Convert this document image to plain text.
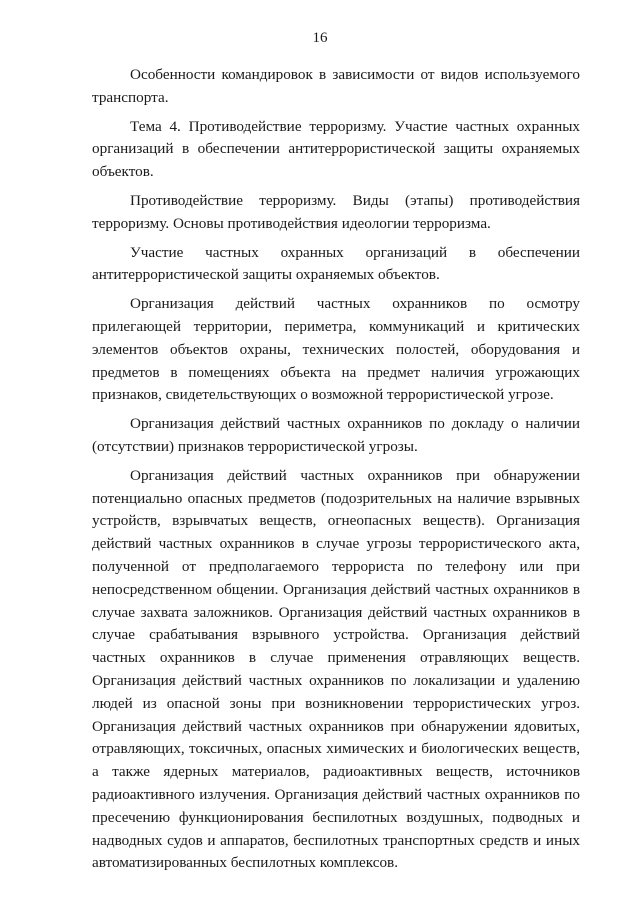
16

Особенности командировок в зависимости от видов используемого транспорта.

Тема 4. Противодействие терроризму. Участие частных охранных организаций в обеспечении антитеррористической защиты охраняемых объектов.

Противодействие терроризму. Виды (этапы) противодействия терроризму. Основы противодействия идеологии терроризма.

Участие частных охранных организаций в обеспечении антитеррористической защиты охраняемых объектов.

Организация действий частных охранников по осмотру прилегающей территории, периметра, коммуникаций и критических элементов объектов охраны, технических полостей, оборудования и предметов в помещениях объекта на предмет наличия угрожающих признаков, свидетельствующих о возможной террористической угрозе.

Организация действий частных охранников по докладу о наличии (отсутствии) признаков террористической угрозы.

Организация действий частных охранников при обнаружении потенциально опасных предметов (подозрительных на наличие взрывных устройств, взрывчатых веществ, огнеопасных веществ). Организация действий частных охранников в случае угрозы террористического акта, полученной от предполагаемого террориста по телефону или при непосредственном общении. Организация действий частных охранников в случае захвата заложников. Организация действий частных охранников в случае срабатывания взрывного устройства. Организация действий частных охранников в случае применения отравляющих веществ. Организация действий частных охранников по локализации и удалению людей из опасной зоны при возникновении террористических угроз. Организация действий частных охранников при обнаружении ядовитых, отравляющих, токсичных, опасных химических и биологических веществ, а также ядерных материалов, радиоактивных веществ, источников радиоактивного излучения. Организация действий частных охранников по пресечению функционирования беспилотных воздушных, подводных и надводных судов и аппаратов, беспилотных транспортных средств и иных автоматизированных беспилотных комплексов.
